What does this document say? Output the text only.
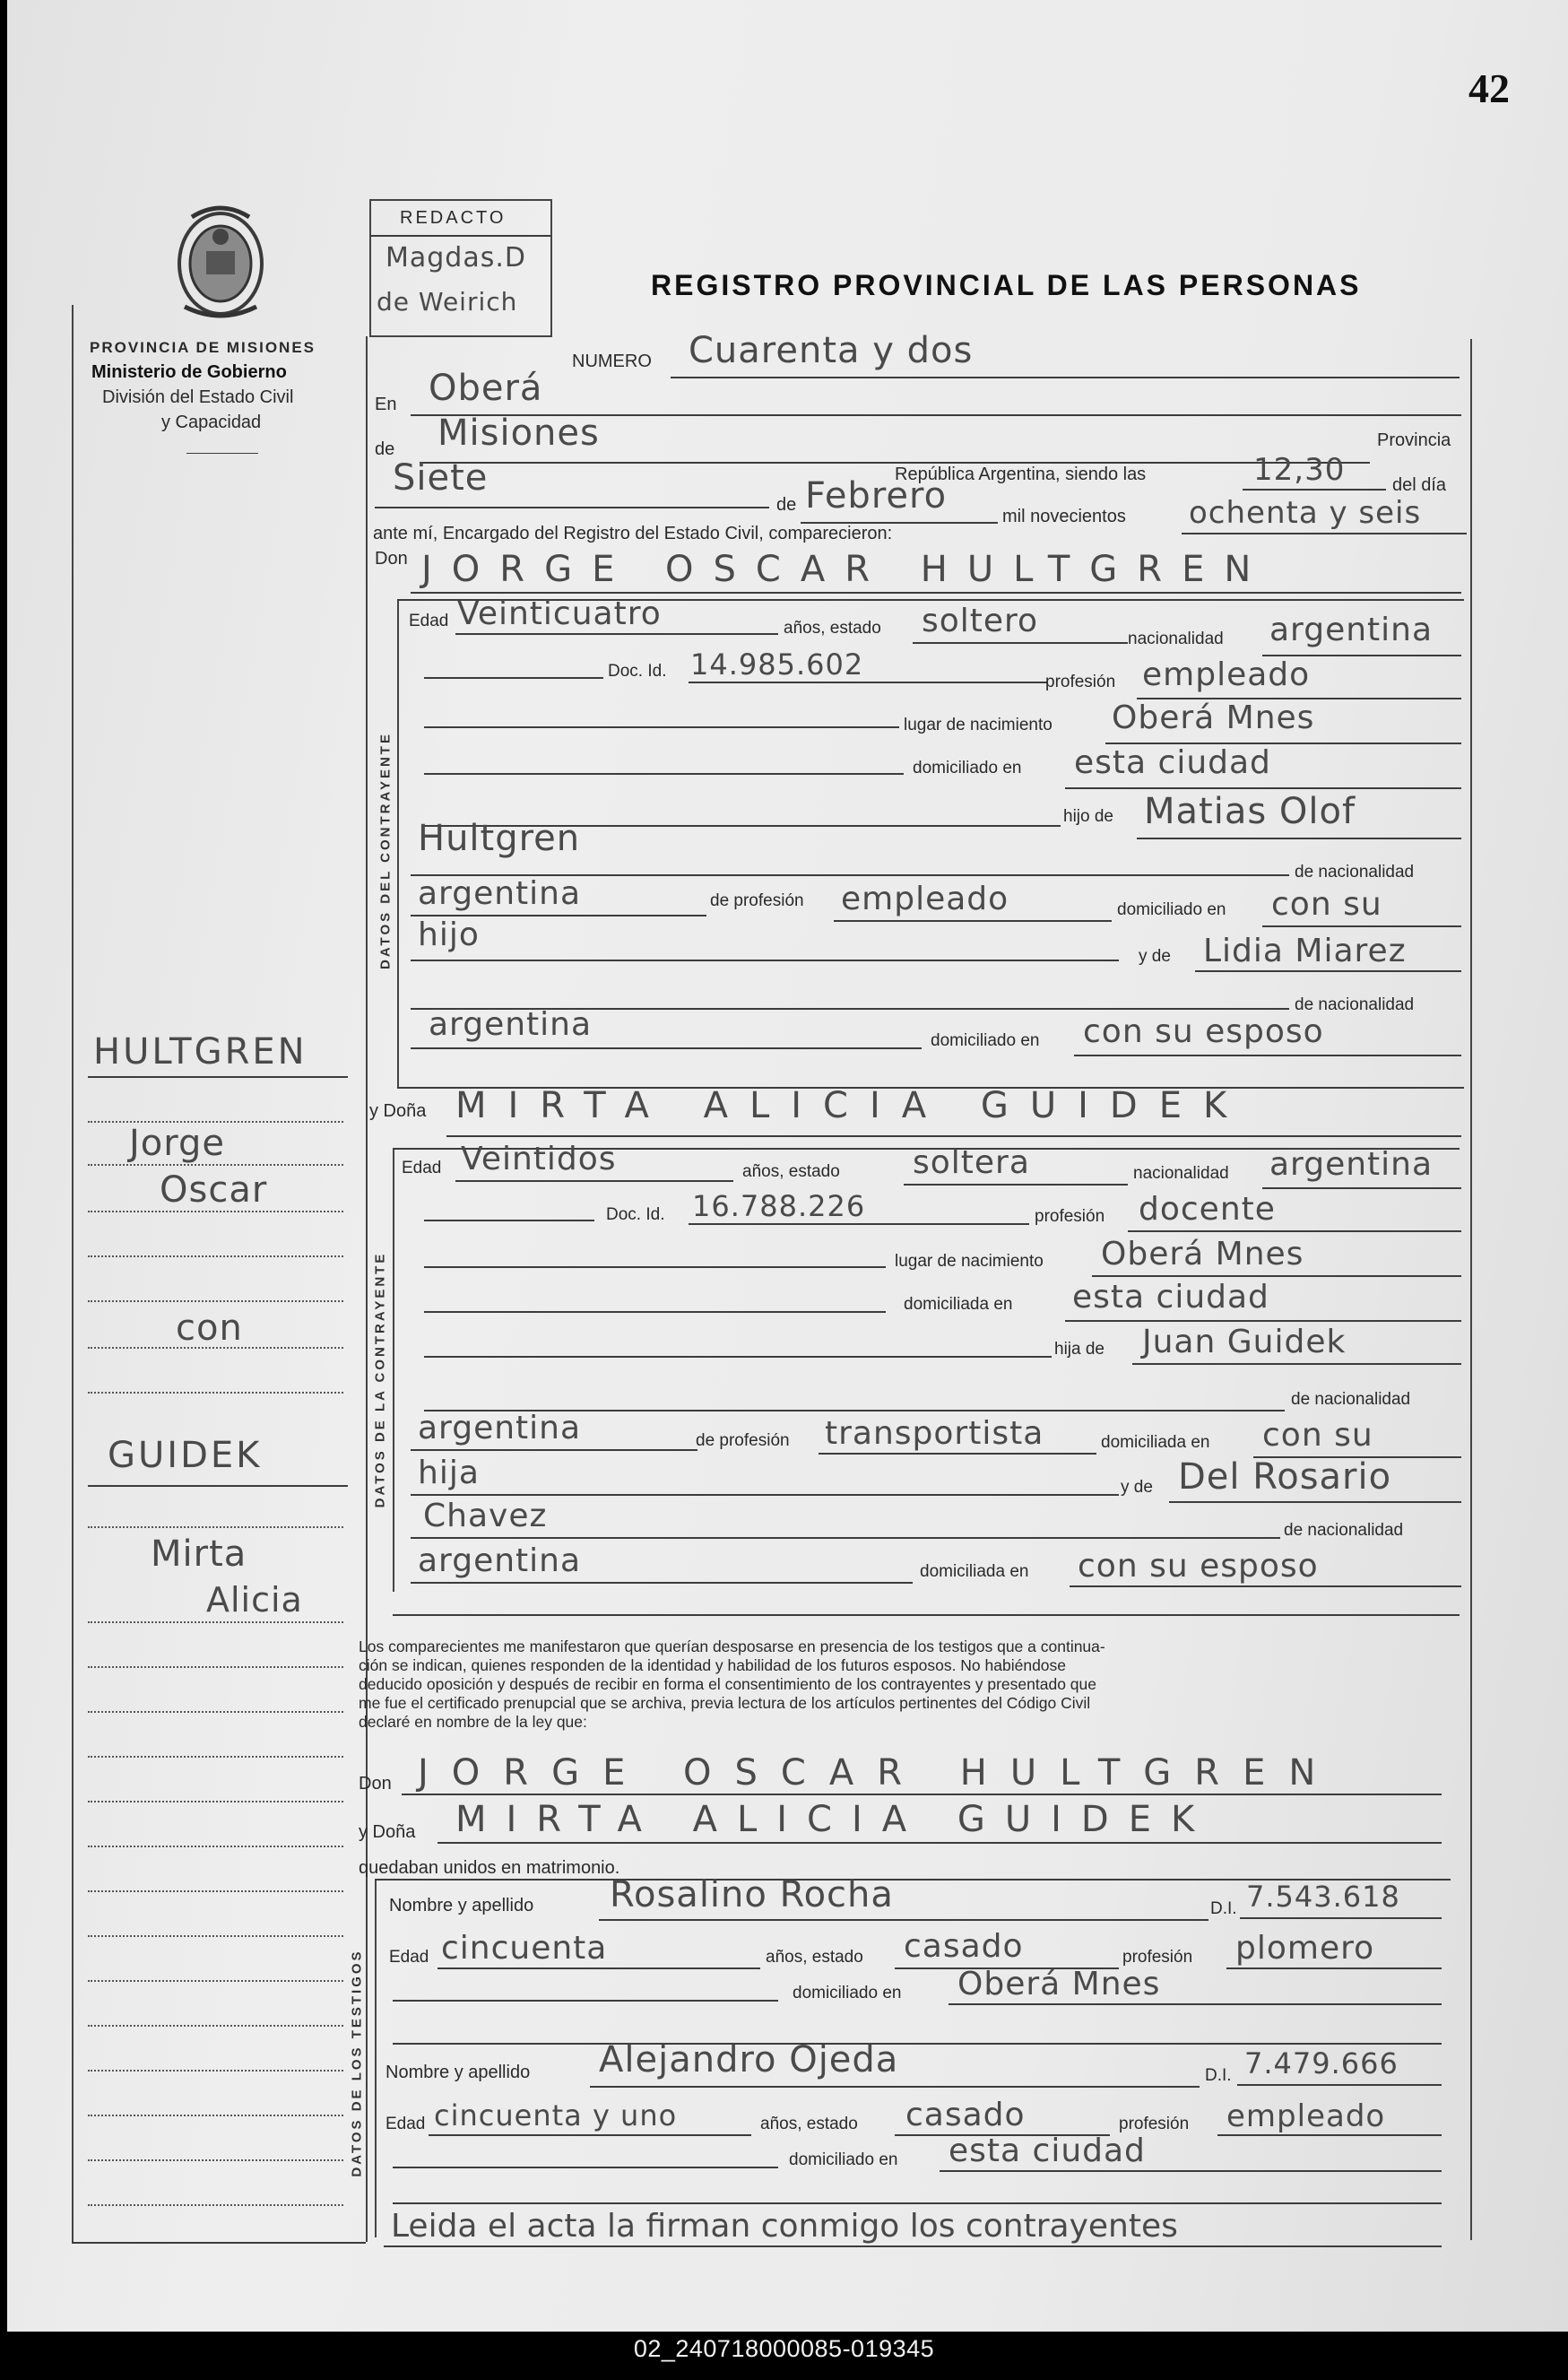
42
PROVINCIA DE MISIONES
Ministerio de Gobierno
División del Estado Civil
y Capacidad
REDACTO
Magdas.D
de Weirich
REGISTRO PROVINCIAL DE LAS PERSONAS
NUMERO Cuarenta y dos
En Oberá
de Misiones	Provincia
República Argentina, siendo las	12,30	del día
Siete
de Febrero	mil novecientos ochenta y seis
ante mí, Encargado del Registro del Estado Civil, comparecieron:
Don JORGE OSCAR HULTGREN
DATOS DEL CONTRAYENTE
Edad Veinticuatro	años, estado soltero	nacionalidad argentina
Doc. Id. 14.985.602
profesión empleado
lugar de nacimiento Oberá Mnes
domiciliado en esta ciudad
hijo de Matias Olof
Hultgren
de nacionalidad
argentina	de profesión empleado	domiciliado en con su
hijo
y de Lidia Miarez
de nacionalidad
argentina	domiciliado en con su esposo
y Doña MIRTA ALICIA GUIDEK
DATOS DE LA CONTRAYENTE
Edad Veintidos	años, estado soltera	nacionalidad argentina
Doc. Id. 16.788.226	profesión docente
lugar de nacimiento Oberá Mnes
domiciliada en esta ciudad
hija de Juan Guidek
de nacionalidad
argentina	de profesión transportista	domiciliada en con su
hija	y de Del Rosario
Chavez	de nacionalidad
argentina	domiciliada en con su esposo
Los comparecientes me manifestaron que querían desposarse en presencia de los testigos que a continua-
ción se indican, quienes responden de la identidad y habilidad de los futuros esposos. No habiéndose
deducido oposición y después de recibir en forma el consentimiento de los contrayentes y presentado que
me fue el certificado prenupcial que se archiva, previa lectura de los artículos pertinentes del Código Civil
declaré en nombre de la ley que:
Don JORGE OSCAR HULTGREN
y Doña MIRTA ALICIA GUIDEK
quedaban unidos en matrimonio.
DATOS DE LOS TESTIGOS
Nombre y apellido Rosalino Rocha	D.I. 7.543.618
Edad cincuenta	años, estado casado	profesión plomero
domiciliado en Oberá Mnes
Nombre y apellido Alejandro Ojeda	D.I. 7.479.666
Edad cincuenta y uno	años, estado casado	profesión empleado
domiciliado en esta ciudad
Leida el acta la firman conmigo los contrayentes
HULTGREN
Jorge
Oscar
con
GUIDEK
Mirta
Alicia
02_240718000085-019345
